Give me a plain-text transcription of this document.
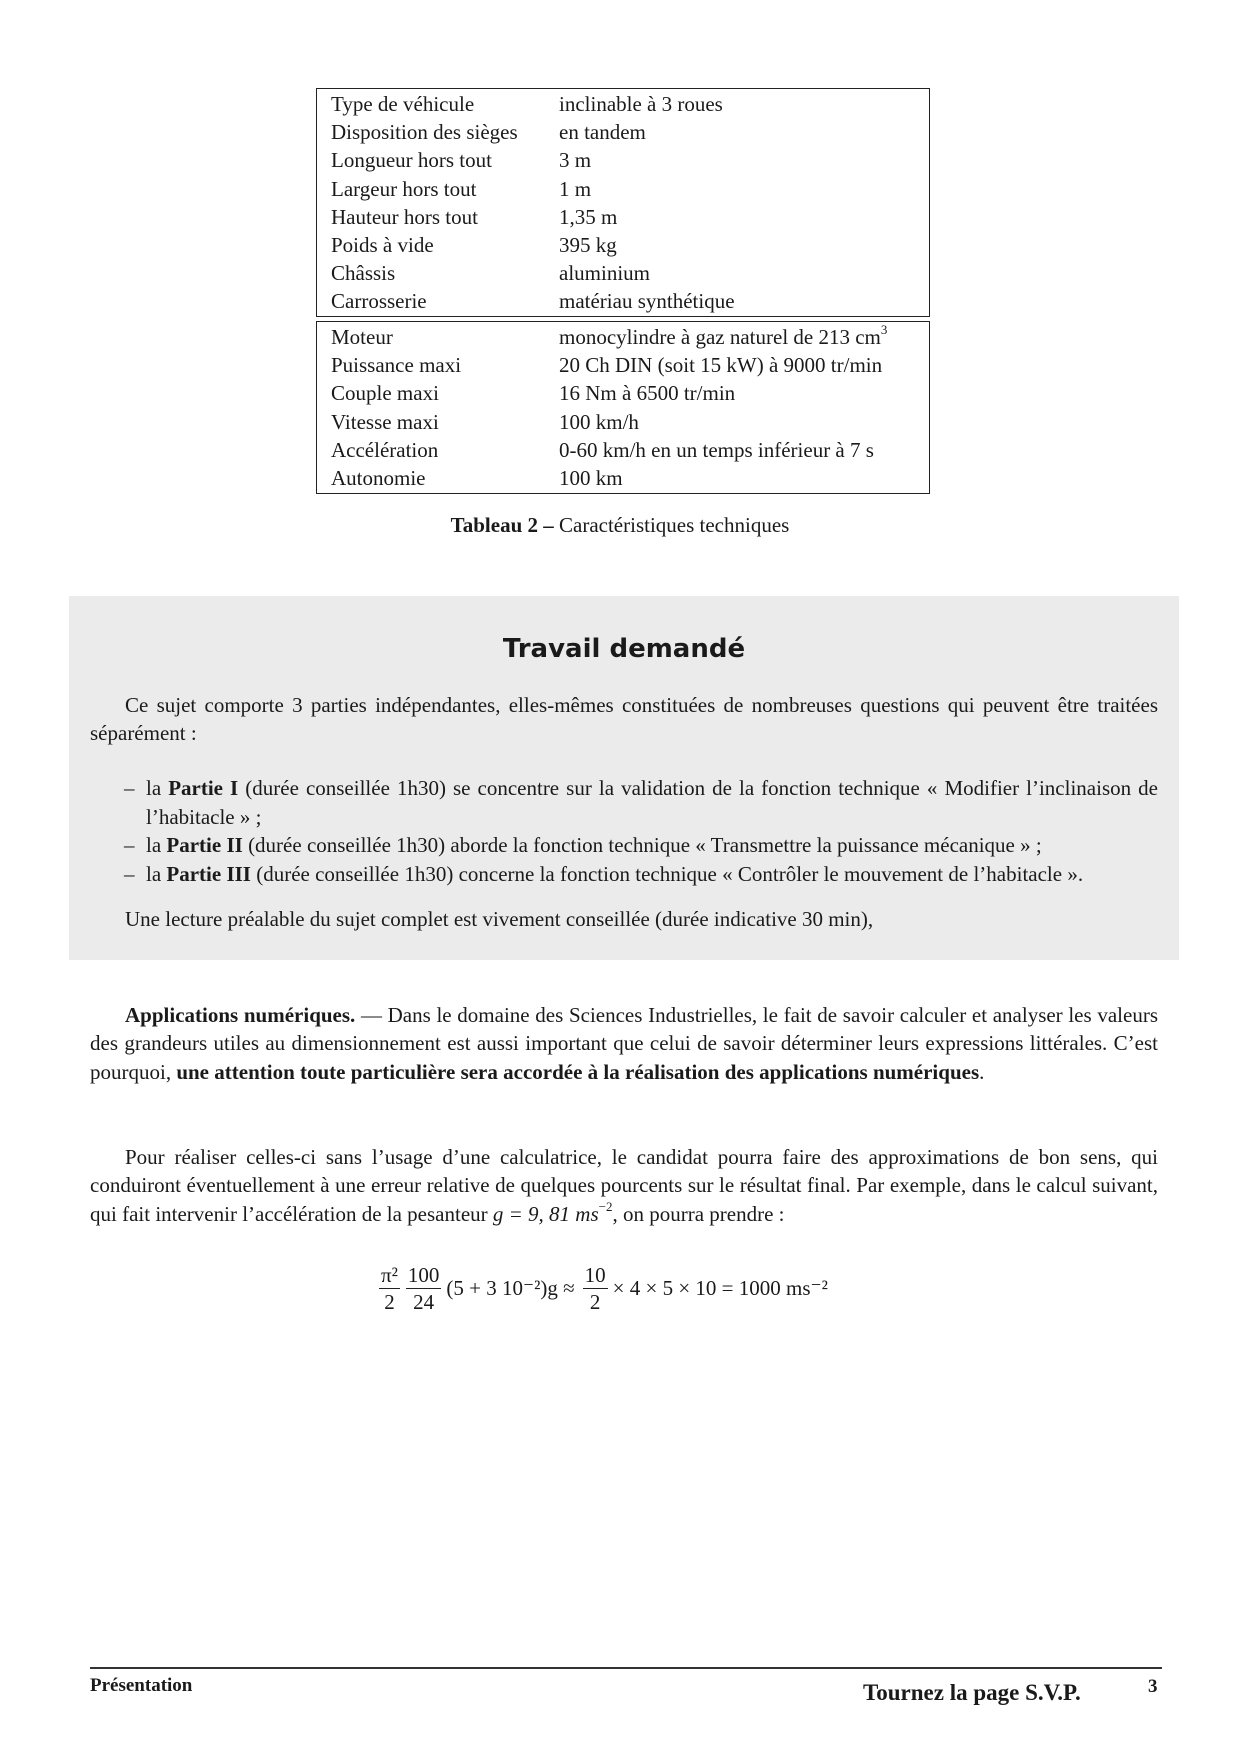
Type de véhicule	inclinable à 3 roues
Disposition des sièges	en tandem
Longueur hors tout	3 m
Largeur hors tout	1 m
Hauteur hors tout	1,35 m
Poids à vide	395 kg
Châssis	aluminium
Carrosserie	matériau synthétique
Moteur	monocylindre à gaz naturel de 213 $cm^3$
Puissance maxi	20 Ch DIN (soit 15 kW) à 9000 tr/min
Couple maxi	16 Nm à 6500 tr/min
Vitesse maxi	100 km/h
Accélération	0-60 km/h en un temps inférieur à 7 s
Autonomie	100 km
Tableau 2 – Caractéristiques techniques
Travail demandé
Ce sujet comporte 3 parties indépendantes, elles-mêmes constituées de nombreuses questions qui peuvent être traitées séparément :
– la Partie I (durée conseillée 1h30) se concentre sur la validation de la fonction technique « Modifier l’inclinaison de l’habitacle » ;
– la Partie II (durée conseillée 1h30) aborde la fonction technique « Transmettre la puissance mécanique » ;
– la Partie III (durée conseillée 1h30) concerne la fonction technique « Contrôler le mouvement de l’habitacle ».
Une lecture préalable du sujet complet est vivement conseillée (durée indicative 30 min),
Applications numériques. — Dans le domaine des Sciences Industrielles, le fait de savoir calculer et analyser les valeurs des grandeurs utiles au dimensionnement est aussi important que celui de savoir déterminer leurs expressions littérales. C’est pourquoi, une attention toute particulière sera accordée à la réalisation des applications numériques.
Pour réaliser celles-ci sans l’usage d’une calculatrice, le candidat pourra faire des approximations de bon sens, qui conduiront éventuellement à une erreur relative de quelques pourcents sur le résultat final. Par exemple, dans le calcul suivant, qui fait intervenir l’accélération de la pesanteur g = 9, 81 $ms^{-2}$, on pourra prendre :
$\frac{\text{π²}}{2} \frac{100}{24} (5 + 3$ $10^{-2})g \approx \frac{10}{2} \times 4 \times 5 \times 10 = 1000$ ms⁻²
Présentation	Tournez la page S.V.P.	3
